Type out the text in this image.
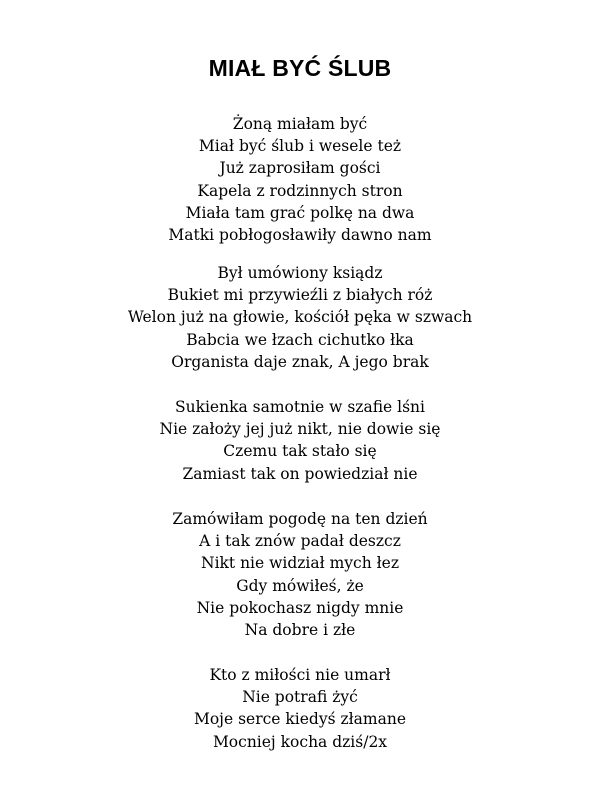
MIAŁ BYĆ ŚLUB
Żoną miałam być
Miał być ślub i wesele też
Już zaprosiłam gości
Kapela z rodzinnych stron
Miała tam grać polkę na dwa
Matki pobłogosławiły dawno nam
Był umówiony ksiądz
Bukiet mi przywieźli z białych róż
Welon już na głowie, kościół pęka w szwach
Babcia we łzach cichutko łka
Organista daje znak, A jego brak
Sukienka samotnie w szafie lśni
Nie założy jej już nikt, nie dowie się
Czemu tak stało się
Zamiast tak on powiedział nie
Zamówiłam pogodę na ten dzień
A i tak znów padał deszcz
Nikt nie widział mych łez
Gdy mówiłeś, że
Nie pokochasz nigdy mnie
Na dobre i złe
Kto z miłości nie umarł
Nie potrafi żyć
Moje serce kiedyś złamane
Mocniej kocha dziś/2x
